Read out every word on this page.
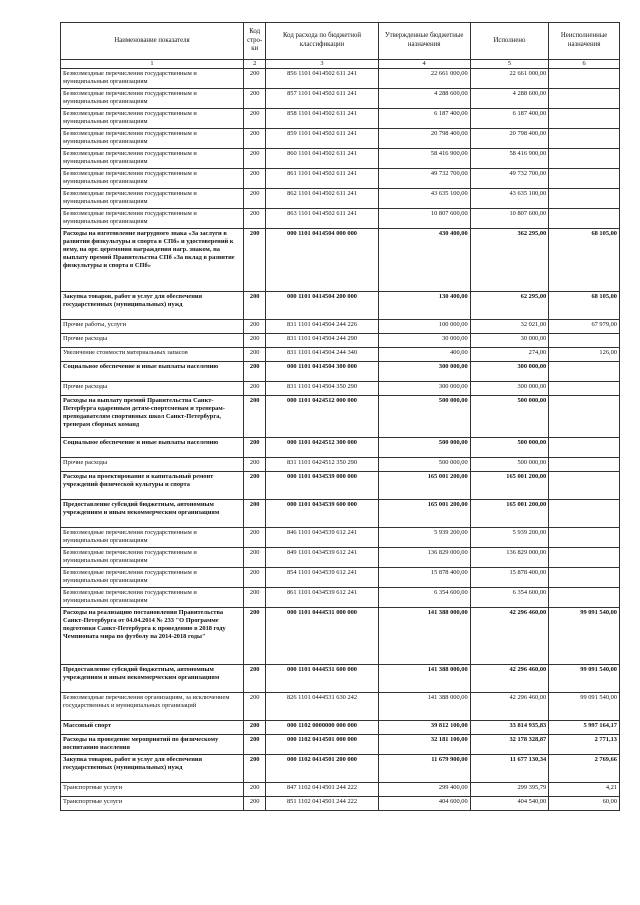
Наименование показателя	Код стро-ки	Код расхода по бюджетной классификации	Утвержденные бюджетные назначения	Исполнено	Неисполненные назначения
1	2	3	4	5	6
Безвозмездные перечисления государственным и муниципальным организациям	200	856 1101 0414502 611 241	22 661 000,00	22 661 000,00	
Безвозмездные перечисления государственным и муниципальным организациям	200	857 1101 0414502 611 241	4 288 600,00	4 288 600,00	
Безвозмездные перечисления государственным и муниципальным организациям	200	858 1101 0414502 611 241	6 187 400,00	6 187 400,00	
Безвозмездные перечисления государственным и муниципальным организациям	200	859 1101 0414502 611 241	20 798 400,00	20 798 400,00	
Безвозмездные перечисления государственным и муниципальным организациям	200	860 1101 0414502 611 241	58 416 900,00	58 416 900,00	
Безвозмездные перечисления государственным и муниципальным организациям	200	861 1101 0414502 611 241	49 732 700,00	49 732 700,00	
Безвозмездные перечисления государственным и муниципальным организациям	200	862 1101 0414502 611 241	43 635 100,00	43 635 100,00	
Безвозмездные перечисления государственным и муниципальным организациям	200	863 1101 0414502 611 241	10 807 600,00	10 807 600,00	
Расходы на изготовление нагрудного знака «За заслуги в развитии физкультуры и спорта в СПб» и удостоверений к нему, на орг. церемонии награждения нагр. знаком, на выплату премий Правительства СПб «За вклад в развитие физкультуры и спорта в СПб»	200	000 1101 0414504 000 000	430 400,00	362 295,00	68 105,00
Закупка товаров, работ и услуг для обеспечения государственных (муниципальных) нужд	200	000 1101 0414504 200 000	130 400,00	62 295,00	68 105,00
Прочие работы, услуги	200	831 1101 0414504 244 226	100 000,00	32 021,00	67 979,00
Прочие расходы	200	831 1101 0414504 244 290	30 000,00	30 000,00	
Увеличение стоимости материальных запасов	200	831 1101 0414504 244 340	400,00	274,00	126,00
Социальное обеспечение и иные выплаты населению	200	000 1101 0414504 300 000	300 000,00	300 000,00	
Прочие расходы	200	831 1101 0414504 350 290	300 000,00	300 000,00	
Расходы на выплату премий Правительства Санкт-Петербурга одаренным детям-спортсменам и тренерам-преподавателям спортивных школ Санкт-Петербурга, тренерам сборных команд	200	000 1101 0424512 000 000	500 000,00	500 000,00	
Социальное обеспечение и иные выплаты населению	200	000 1101 0424512 300 000	500 000,00	500 000,00	
Прочие расходы	200	831 1101 0424512 350 290	500 000,00	500 000,00	
Расходы на проектирование и капитальный ремонт учреждений физической культуры и спорта	200	000 1101 0434539 000 000	165 001 200,00	165 001 200,00	
Предоставление субсидий бюджетным, автономным учреждениям и иным некоммерческим организациям	200	000 1101 0434539 600 000	165 001 200,00	165 001 200,00	
Безвозмездные перечисления государственным и муниципальным организациям	200	846 1101 0434539 612 241	5 939 200,00	5 939 200,00	
Безвозмездные перечисления государственным и муниципальным организациям	200	849 1101 0434539 612 241	136 829 000,00	136 829 000,00	
Безвозмездные перечисления государственным и муниципальным организациям	200	854 1101 0434539 612 241	15 878 400,00	15 878 400,00	
Безвозмездные перечисления государственным и муниципальным организациям	200	861 1101 0434539 612 241	6 354 600,00	6 354 600,00	
Расходы на реализацию постановления Правительства Санкт-Петербурга от 04.04.2014 № 233 "О Программе подготовки Санкт-Петербурга к проведению в 2018 году Чемпионата мира по футболу на 2014-2018 годы"	200	000 1101 0444531 000 000	141 388 000,00	42 296 460,00	99 091 540,00
Предоставление субсидий бюджетным, автономным учреждениям и иным некоммерческим организациям	200	000 1101 0444531 600 000	141 388 000,00	42 296 460,00	99 091 540,00
Безвозмездные перечисления организациям, за исключением государственных и муниципальных организаций	200	826 1101 0444531 630 242	141 388 000,00	42 296 460,00	99 091 540,00
Массовый спорт	200	000 1102 0000000 000 000	39 812 100,00	33 814 935,83	5 997 164,17
Расходы на проведение мероприятий по физическому воспитанию населения	200	000 1102 0414501 000 000	32 181 100,00	32 178 328,87	2 771,13
Закупка товаров, работ и услуг для обеспечения государственных (муниципальных) нужд	200	000 1102 0414501 200 000	11 679 900,00	11 677 130,34	2 769,66
Транспортные услуги	200	847 1102 0414501 244 222	299 400,00	299 395,79	4,21
Транспортные услуги	200	851 1102 0414501 244 222	404 600,00	404 540,00	60,00
